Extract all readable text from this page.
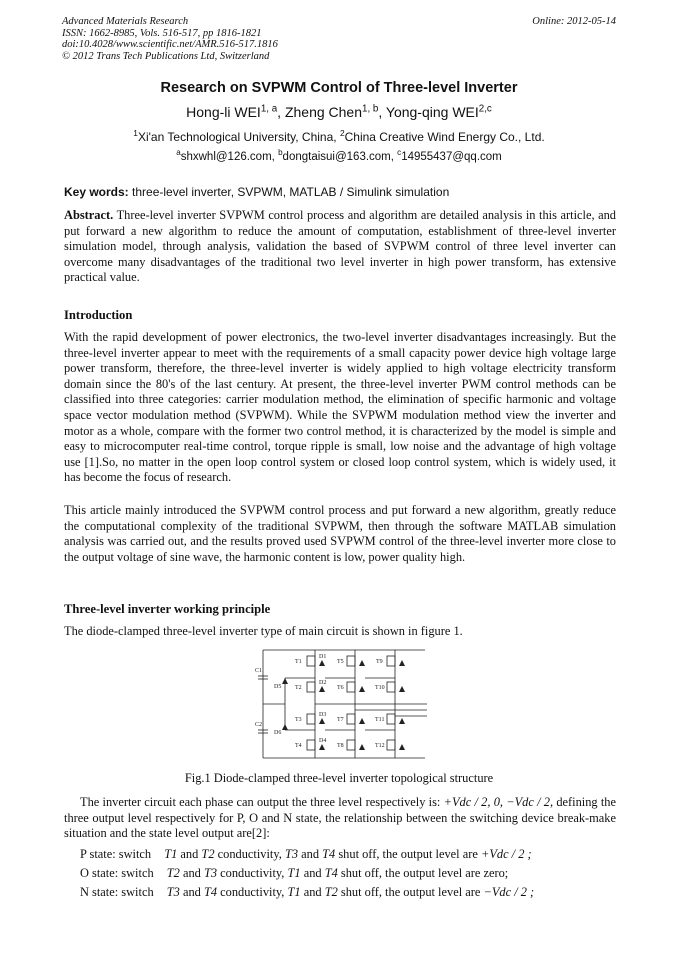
Advanced Materials Research
ISSN: 1662-8985, Vols. 516-517, pp 1816-1821
doi:10.4028/www.scientific.net/AMR.516-517.1816
© 2012 Trans Tech Publications Ltd, Switzerland
Online: 2012-05-14
Research on SVPWM Control of Three-level Inverter
Hong-li WEI$^{1, a}$, Zheng Chen$^{1, b}$, Yong-qing WEI$^{2,c}$
$^1$Xi'an Technological University, China, $^2$China Creative Wind Energy Co., Ltd.
$^a$shxwhl@126.com, $^b$dongtaisui@163.com, $^c$14955437@qq.com
Key words: three-level inverter, SVPWM, MATLAB / Simulink simulation
Abstract. Three-level inverter SVPWM control process and algorithm are detailed analysis in this article, and put forward a new algorithm to reduce the amount of computation, establishment of three-level inverter simulation model, through analysis, validation the based of SVPWM control of three level inverter can overcome many disadvantages of the traditional two level inverter in high power transform, has extensive practical value.
Introduction
With the rapid development of power electronics, the two-level inverter disadvantages increasingly. But the three-level inverter appear to meet with the requirements of a small capacity power device high voltage large power transform, therefore, the three-level inverter is widely applied to high voltage electricity transform domain since the 80's of the last century. At present, the three-level inverter PWM control methods can be classified into three categories: carrier modulation method, the elimination of specific harmonic and voltage space vector modulation method (SVPWM). While the SVPWM modulation method view the inverter and motor as a whole, compare with the former two control method, it is characterized by the model is simple and easy to microcomputer real-time control, torque ripple is small, low noise and the advantage of high voltage use [1].So, no matter in the open loop control system or closed loop control system, which is widely used, it has become the focus of research.
This article mainly introduced the SVPWM control process and put forward a new algorithm, greatly reduce the computational complexity of the traditional SVPWM, then through the software MATLAB simulation analysis was carried out, and the results proved used SVPWM control of the three-level inverter more close to the output voltage of sine wave, the harmonic content is low, power quality high.
Three-level inverter working principle
The diode-clamped three-level inverter type of main circuit is shown in figure 1.
C1
C2
T1
T2
T3
T4
T5
T6
T7
T8
T9
T10
T11
T12
D1
D2
D3
D4
D5
D6
Fig.1 Diode-clamped three-level inverter topological structure
The inverter circuit each phase can output the three level respectively is: +Vdc / 2, 0, −Vdc / 2, defining the three output level respectively for P, O and N state, the relationship between the switching device break-make situation and the state level output are[2]:
P state: switch T1 and T2 conductivity, T3 and T4 shut off, the output level are +Vdc / 2 ;
O state: switch T2 and T3 conductivity, T1 and T4 shut off, the output level are zero;
N state: switch T3 and T4 conductivity, T1 and T2 shut off, the output level are −Vdc / 2 ;
